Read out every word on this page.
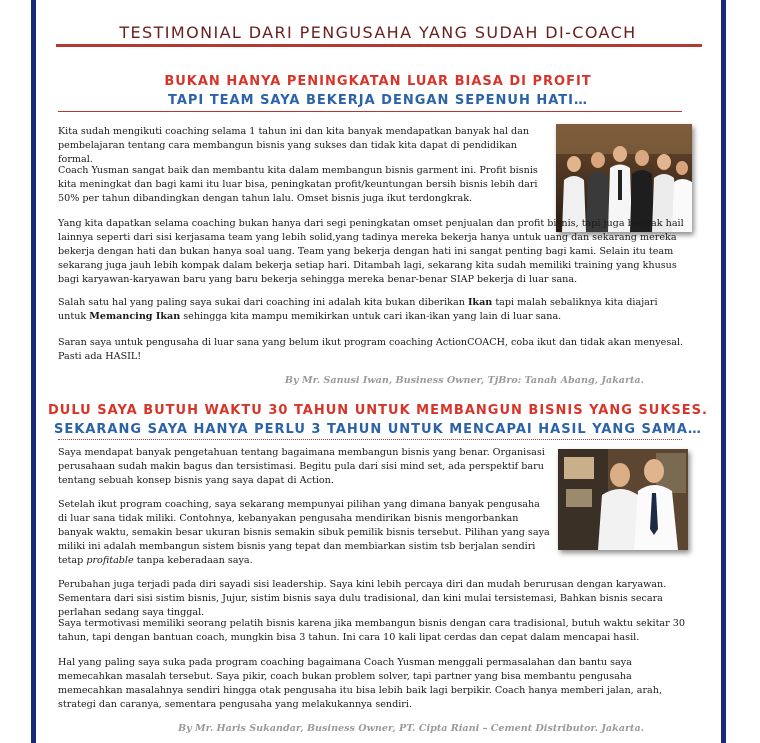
TESTIMONIAL DARI PENGUSAHA YANG SUDAH DI-COACH
BUKAN HANYA PENINGKATAN LUAR BIASA DI PROFIT
TAPI TEAM SAYA BEKERJA DENGAN SEPENUH HATI…

Kita sudah mengikuti coaching selama 1 tahun ini dan kita banyak mendapatkan banyak hal dan pembelajaran tentang cara membangun bisnis yang sukses dan tidak kita dapat di pendidikan formal.

Coach Yusman sangat baik dan membantu kita dalam membangun bisnis garment ini. Profit bisnis kita meningkat dan bagi kami itu luar bisa, peningkatan profit/keuntungan bersih bisnis lebih dari 50% per tahun dibandingkan dengan tahun lalu. Omset bisnis juga ikut terdongkrak.

Yang kita dapatkan selama coaching bukan hanya dari segi peningkatan omset penjualan dan profit bisnis, tapi juga banyak hail lainnya seperti dari sisi kerjasama team yang lebih solid,yang tadinya mereka bekerja hanya untuk uang dan sekarang mereka bekerja dengan hati dan bukan hanya soal uang. Team yang bekerja dengan hati ini sangat penting bagi kami. Selain itu team sekarang juga jauh lebih kompak dalam bekerja setiap hari. Ditambah lagi, sekarang kita sudah memiliki training yang khusus bagi karyawan-karyawan baru yang baru bekerja sehingga mereka benar-benar SIAP bekerja di luar sana.

Salah satu hal yang paling saya sukai dari coaching ini adalah kita bukan diberikan Ikan tapi malah sebaliknya kita diajari untuk Memancing Ikan sehingga kita mampu memikirkan untuk cari ikan-ikan yang lain di luar sana.

Saran saya untuk pengusaha di luar sana yang belum ikut program coaching ActionCOACH, coba ikut dan tidak akan menyesal. Pasti ada HASIL!

By Mr. Sanusi Iwan, Business Owner, TjBro: Tanah Abang, Jakarta.
DULU SAYA BUTUH WAKTU 30 TAHUN UNTUK MEMBANGUN BISNIS YANG SUKSES.
SEKARANG SAYA HANYA PERLU 3 TAHUN UNTUK MENCAPAI HASIL YANG SAMA…

Saya mendapat banyak pengetahuan tentang bagaimana membangun bisnis yang benar. Organisasi perusahaan sudah makin bagus dan tersistimasi. Begitu pula dari sisi mind set, ada perspektif baru tentang sebuah konsep bisnis yang saya dapat di Action.

Setelah ikut program coaching, saya sekarang mempunyai pilihan yang dimana banyak pengusaha di luar sana tidak miliki. Contohnya, kebanyakan pengusaha mendirikan bisnis mengorbankan banyak waktu, semakin besar ukuran bisnis semakin sibuk pemilik bisnis tersebut. Pilihan yang saya miliki ini adalah membangun sistem bisnis yang tepat dan membiarkan sistim tsb berjalan sendiri tetap profitable tanpa keberadaan saya.

Perubahan juga terjadi pada diri sayadi sisi leadership. Saya kini lebih percaya diri dan mudah berurusan dengan karyawan. Sementara dari sisi sistim bisnis, Jujur, sistim bisnis saya dulu tradisional, dan kini mulai tersistemasi, Bahkan bisnis secara perlahan sedang saya tinggal.

Saya termotivasi memiliki seorang pelatih bisnis karena jika membangun bisnis dengan cara tradisional, butuh waktu sekitar 30 tahun, tapi dengan bantuan coach, mungkin bisa 3 tahun. Ini cara 10 kali lipat cerdas dan cepat dalam mencapai hasil.

Hal yang paling saya suka pada program coaching bagaimana Coach Yusman menggali permasalahan dan bantu saya memecahkan masalah tersebut. Saya pikir, coach bukan problem solver, tapi partner yang bisa membantu pengusaha memecahkan masalahnya sendiri hingga otak pengusaha itu bisa lebih baik lagi berpikir. Coach hanya memberi jalan, arah, strategi dan caranya, sementara pengusaha yang melakukannya sendiri.

By Mr. Haris Sukandar, Business Owner, PT. Cipta Riani – Cement Distributor. Jakarta.
